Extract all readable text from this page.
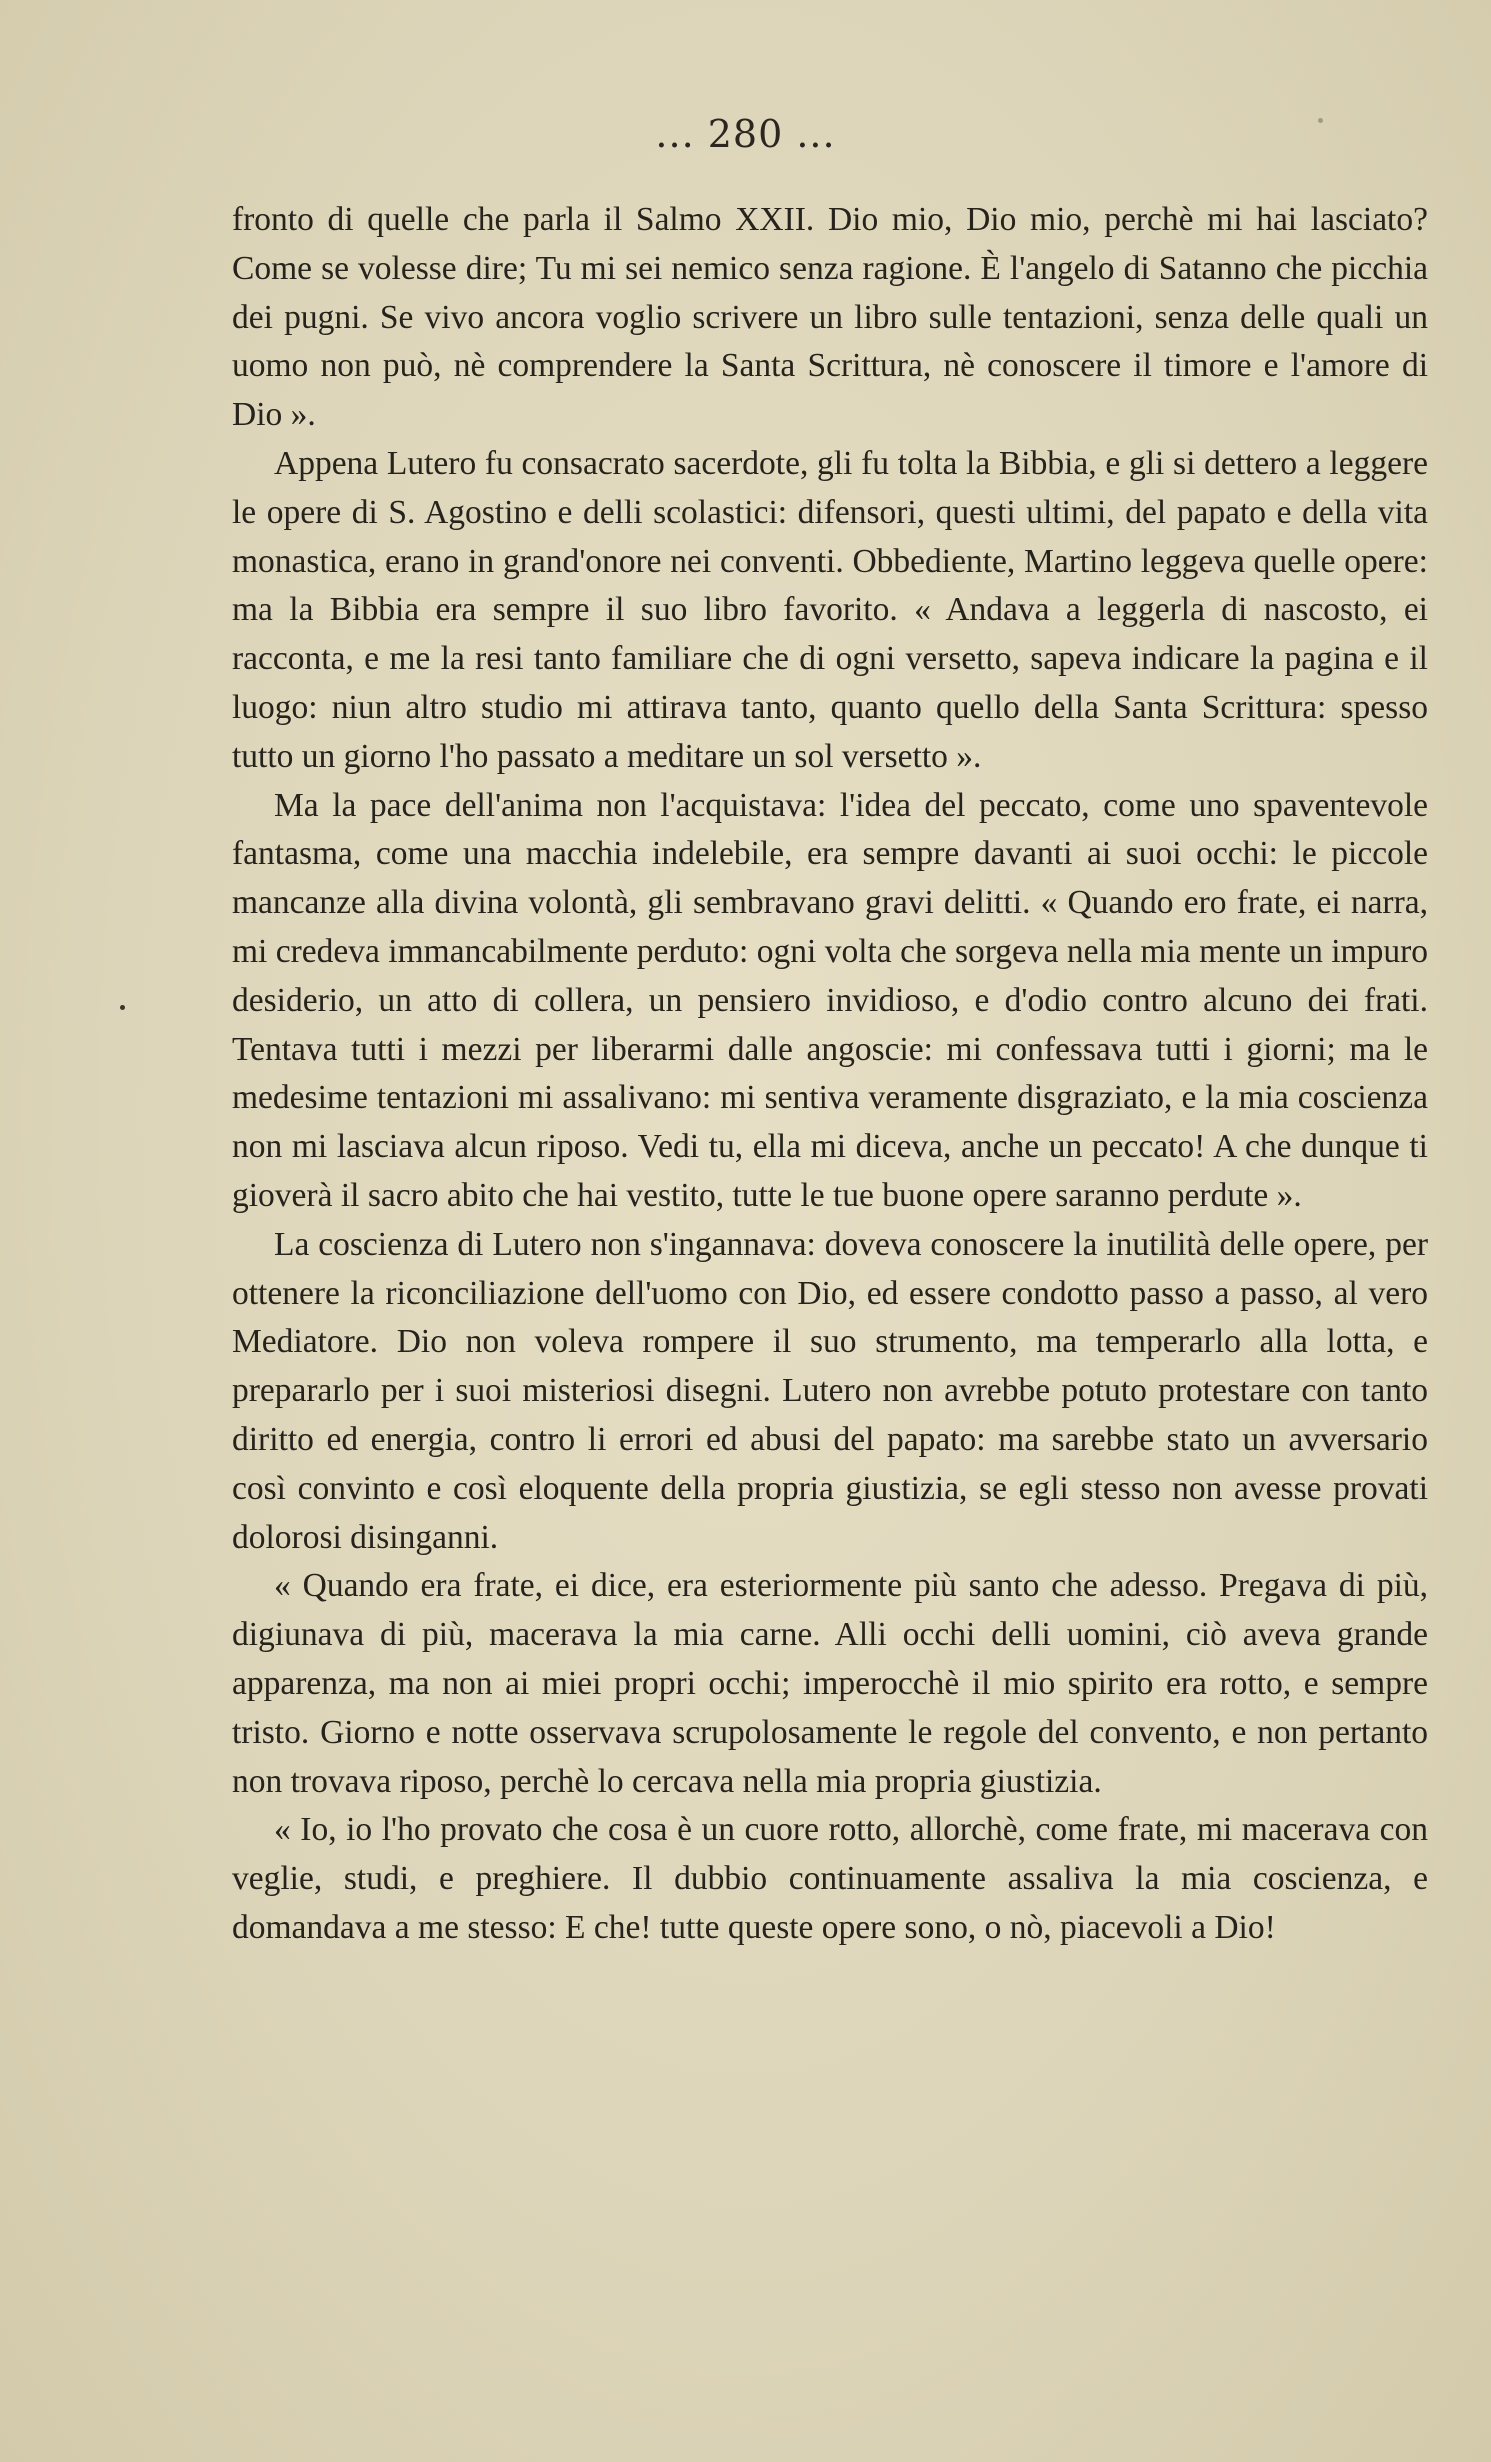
... 280 ...

fronto di quelle che parla il Salmo XXII. Dio mio, Dio mio, perchè mi hai lasciato? Come se volesse dire; Tu mi sei nemico senza ragione. È l'angelo di Satanno che picchia dei pugni. Se vivo ancora voglio scrivere un libro sulle tentazioni, senza delle quali un uomo non può, nè comprendere la Santa Scrittura, nè conoscere il timore e l'amore di Dio ».

Appena Lutero fu consacrato sacerdote, gli fu tolta la Bibbia, e gli si dettero a leggere le opere di S. Agostino e delli scolastici: difensori, questi ultimi, del papato e della vita monastica, erano in grand'onore nei conventi. Obbediente, Martino leggeva quelle opere: ma la Bibbia era sempre il suo libro favorito. « Andava a leggerla di nascosto, ei racconta, e me la resi tanto familiare che di ogni versetto, sapeva indicare la pagina e il luogo: niun altro studio mi attirava tanto, quanto quello della Santa Scrittura: spesso tutto un giorno l'ho passato a meditare un sol versetto ».

Ma la pace dell'anima non l'acquistava: l'idea del peccato, come uno spaventevole fantasma, come una macchia indelebile, era sempre davanti ai suoi occhi: le piccole mancanze alla divina volontà, gli sembravano gravi delitti. « Quando ero frate, ei narra, mi credeva immancabilmente perduto: ogni volta che sorgeva nella mia mente un impuro desiderio, un atto di collera, un pensiero invidioso, e d'odio contro alcuno dei frati. Tentava tutti i mezzi per liberarmi dalle angoscie: mi confessava tutti i giorni; ma le medesime tentazioni mi assalivano: mi sentiva veramente disgraziato, e la mia coscienza non mi lasciava alcun riposo. Vedi tu, ella mi diceva, anche un peccato! A che dunque ti gioverà il sacro abito che hai vestito, tutte le tue buone opere saranno perdute ».

La coscienza di Lutero non s'ingannava: doveva conoscere la inutilità delle opere, per ottenere la riconciliazione dell'uomo con Dio, ed essere condotto passo a passo, al vero Mediatore. Dio non voleva rompere il suo strumento, ma temperarlo alla lotta, e prepararlo per i suoi misteriosi disegni. Lutero non avrebbe potuto protestare con tanto diritto ed energia, contro li errori ed abusi del papato: ma sarebbe stato un avversario così convinto e così eloquente della propria giustizia, se egli stesso non avesse provati dolorosi disinganni.

« Quando era frate, ei dice, era esteriormente più santo che adesso. Pregava di più, digiunava di più, macerava la mia carne. Alli occhi delli uomini, ciò aveva grande apparenza, ma non ai miei propri occhi; imperocchè il mio spirito era rotto, e sempre tristo. Giorno e notte osservava scrupolosamente le regole del convento, e non pertanto non trovava riposo, perchè lo cercava nella mia propria giustizia.

« Io, io l'ho provato che cosa è un cuore rotto, allorchè, come frate, mi macerava con veglie, studi, e preghiere. Il dubbio continuamente assaliva la mia coscienza, e domandava a me stesso: E che! tutte queste opere sono, o nò, piacevoli a Dio!
